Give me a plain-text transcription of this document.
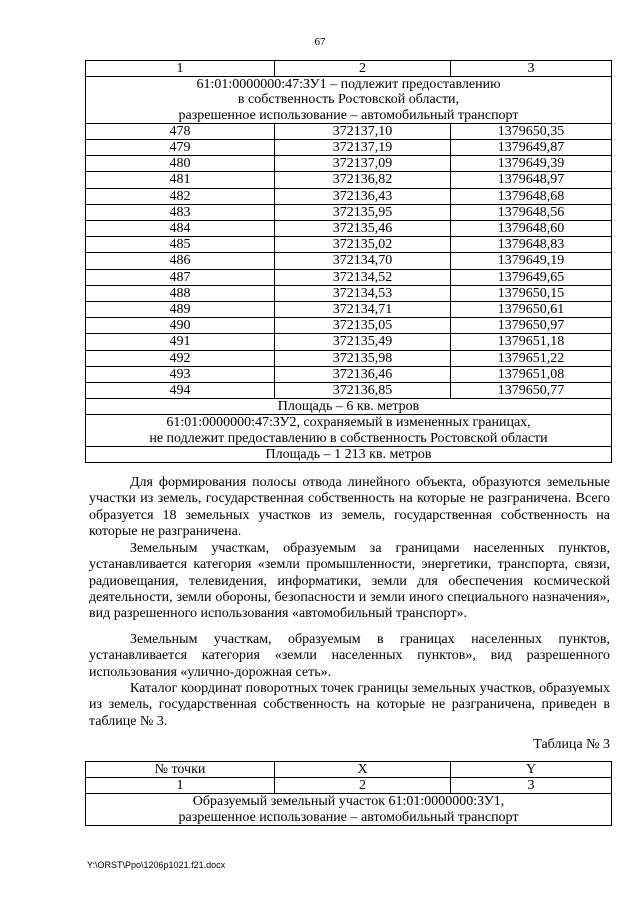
67
1	2	3

61:01:0000000:47:ЗУ1 – подлежит предоставлению
в собственность Ростовской области,
разрешенное использование – автомобильный транспорт		

478	372137,10	1379650,35
479	372137,19	1379649,87
480	372137,09	1379649,39
481	372136,82	1379648,97
482	372136,43	1379648,68
483	372135,95	1379648,56
484	372135,46	1379648,60
485	372135,02	1379648,83
486	372134,70	1379649,19
487	372134,52	1379649,65
488	372134,53	1379650,15
489	372134,71	1379650,61
490	372135,05	1379650,97
491	372135,49	1379651,18
492	372135,98	1379651,22
493	372136,46	1379651,08
494	372136,85	1379650,77

Площадь – 6 кв. метров		

61:01:0000000:47:ЗУ2, сохраняемый в измененных границах,
не подлежит предоставлению в собственность Ростовской области		

Площадь – 1 213 кв. метров		
№ точки	X	Y
1	2	3

Образуемый земельный участок 61:01:0000000:ЗУ1,
разрешенное использование – автомобильный транспорт		

Для формирования полосы отвода линейного объекта, образуются земельные участки из земель, государственная собственность на которые не разграничена. Всего образуется 18 земельных участков из земель, государственная собственность на которые не разграничена.

Земельным участкам, образуемым за границами населенных пунктов, устанавливается категория «земли промышленности, энергетики, транспорта, связи, радиовещания, телевидения, информатики, земли для обеспечения космической деятельности, земли обороны, безопасности и земли иного специального назначения», вид разрешенного использования «автомобильный транспорт».

Земельным участкам, образуемым в границах населенных пунктов, устанавливается категория «земли населенных пунктов», вид разрешенного использования «улично-дорожная сеть».

Каталог координат поворотных точек границы земельных участков, образуемых из земель, государственная собственность на которые не разграничена, приведен в таблице № 3.

Таблица № 3
Y:\ORST\Ppo\1206p1021.f21.docx
